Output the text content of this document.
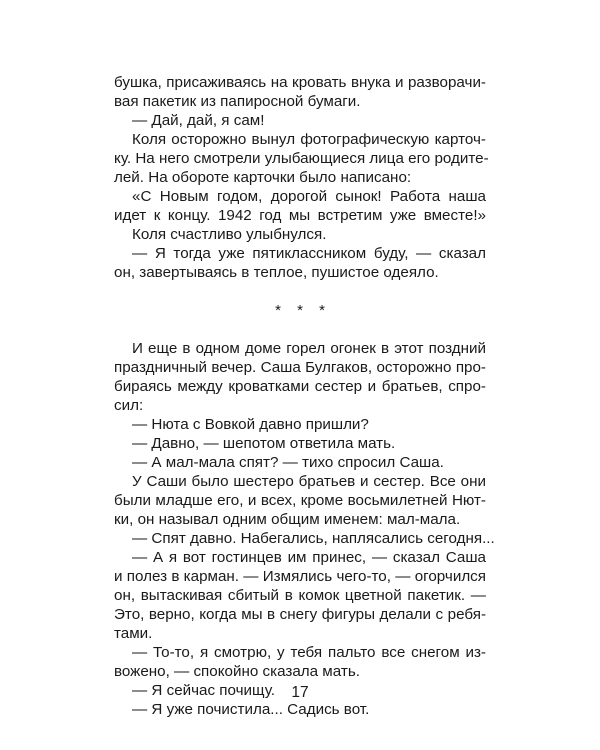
бушка, присаживаясь на кровать внука и разворачи-
вая пакетик из папиросной бумаги.
— Дай, дай, я сам!
Коля осторожно вынул фотографическую карточ-
ку. На него смотрели улыбающиеся лица его родите-
лей. На обороте карточки было написано:
«С Новым годом, дорогой сынок! Работа наша
идет к концу. 1942 год мы встретим уже вместе!»
Коля счастливо улыбнулся.
— Я тогда уже пятиклассником буду, — сказал
он, завертываясь в теплое, пушистое одеяло.
* * *
И еще в одном доме горел огонек в этот поздний
праздничный вечер. Саша Булгаков, осторожно про-
бираясь между кроватками сестер и братьев, спро-
сил:
— Нюта с Вовкой давно пришли?
— Давно, — шепотом ответила мать.
— А мал-мала спят? — тихо спросил Саша.
У Саши было шестеро братьев и сестер. Все они
были младше его, и всех, кроме восьмилетней Нют-
ки, он называл одним общим именем: мал-мала.
— Спят давно. Набегались, наплясались сегодня...
— А я вот гостинцев им принес, — сказал Саша
и полез в карман. — Измялись чего-то, — огорчился
он, вытаскивая сбитый в комок цветной пакетик. —
Это, верно, когда мы в снегу фигуры делали с ребя-
тами.
— То-то, я смотрю, у тебя пальто все снегом из-
вожено, — спокойно сказала мать.
— Я сейчас почищу.
— Я уже почистила... Садись вот.
17
